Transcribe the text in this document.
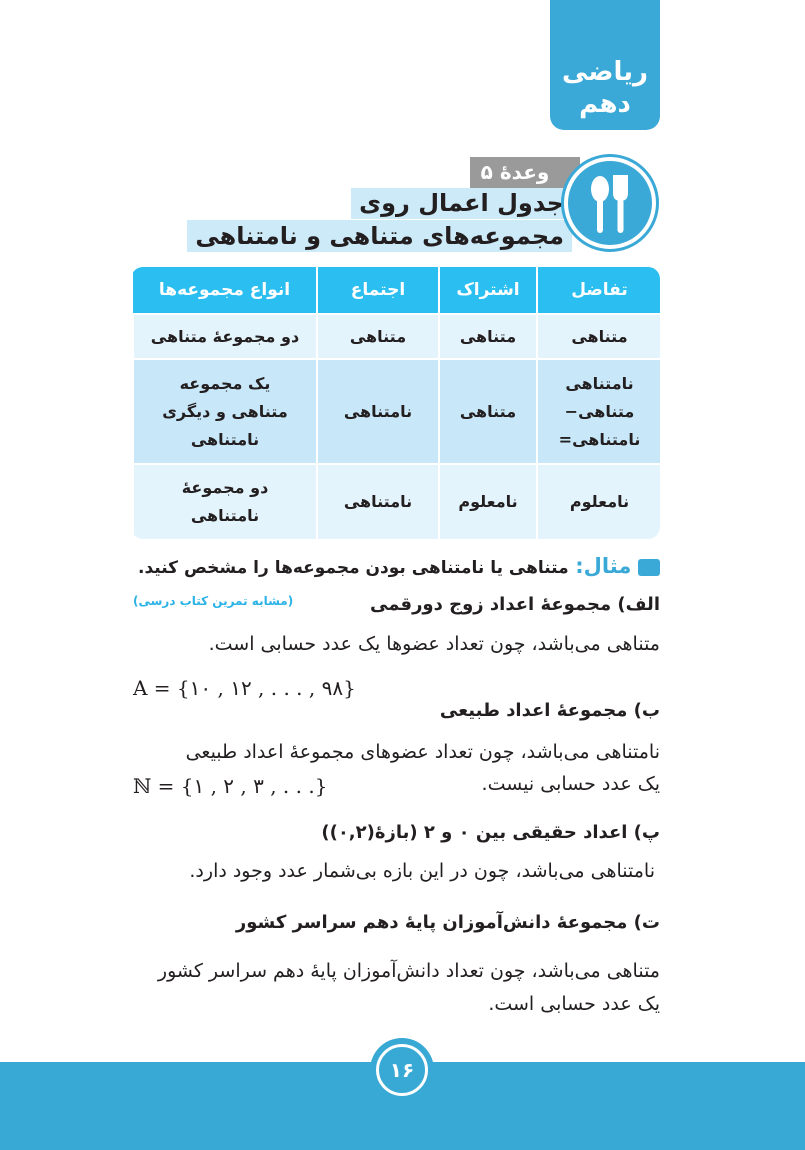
ریاضی
دهم
وعدهٔ ۵
جدول اعمال روی
مجموعه‌های متناهی و نامتناهی
تفاضل	اشتراک	اجتماع	انواع مجموعه‌ها
متناهی	متناهی	متناهی	دو مجموعهٔ متناهی
نامتناهی متناهی− نامتناهی=	متناهی	نامتناهی	یک مجموعه متناهی و دیگری نامتناهی
نامعلوم	نامعلوم	نامتناهی	دو مجموعهٔ نامتناهی
مثال: متناهی یا نامتناهی بودن مجموعه‌ها را مشخص کنید.
(مشابه تمرین کتاب درسی)	الف) مجموعهٔ اعداد زوج دورقمی
متناهی می‌باشد، چون تعداد عضوها یک عدد حسابی است.
A = {۱۰ , ۱۲ , . . . , ۹۸}
ب) مجموعهٔ اعداد طبیعی
نامتناهی می‌باشد، چون تعداد عضوهای مجموعهٔ اعداد طبیعی
یک عدد حسابی نیست.
ℕ = {۱ , ۲ , ۳ , . . .}
پ) اعداد حقیقی بین ۰ و ۲ (بازهٔ(۰,۲))
نامتناهی می‌باشد، چون در این بازه بی‌شمار عدد وجود دارد.
ت) مجموعهٔ دانش‌آموزان پایهٔ دهم سراسر کشور
متناهی می‌باشد، چون تعداد دانش‌آموزان پایهٔ دهم سراسر کشور
یک عدد حسابی است.
۱۶
